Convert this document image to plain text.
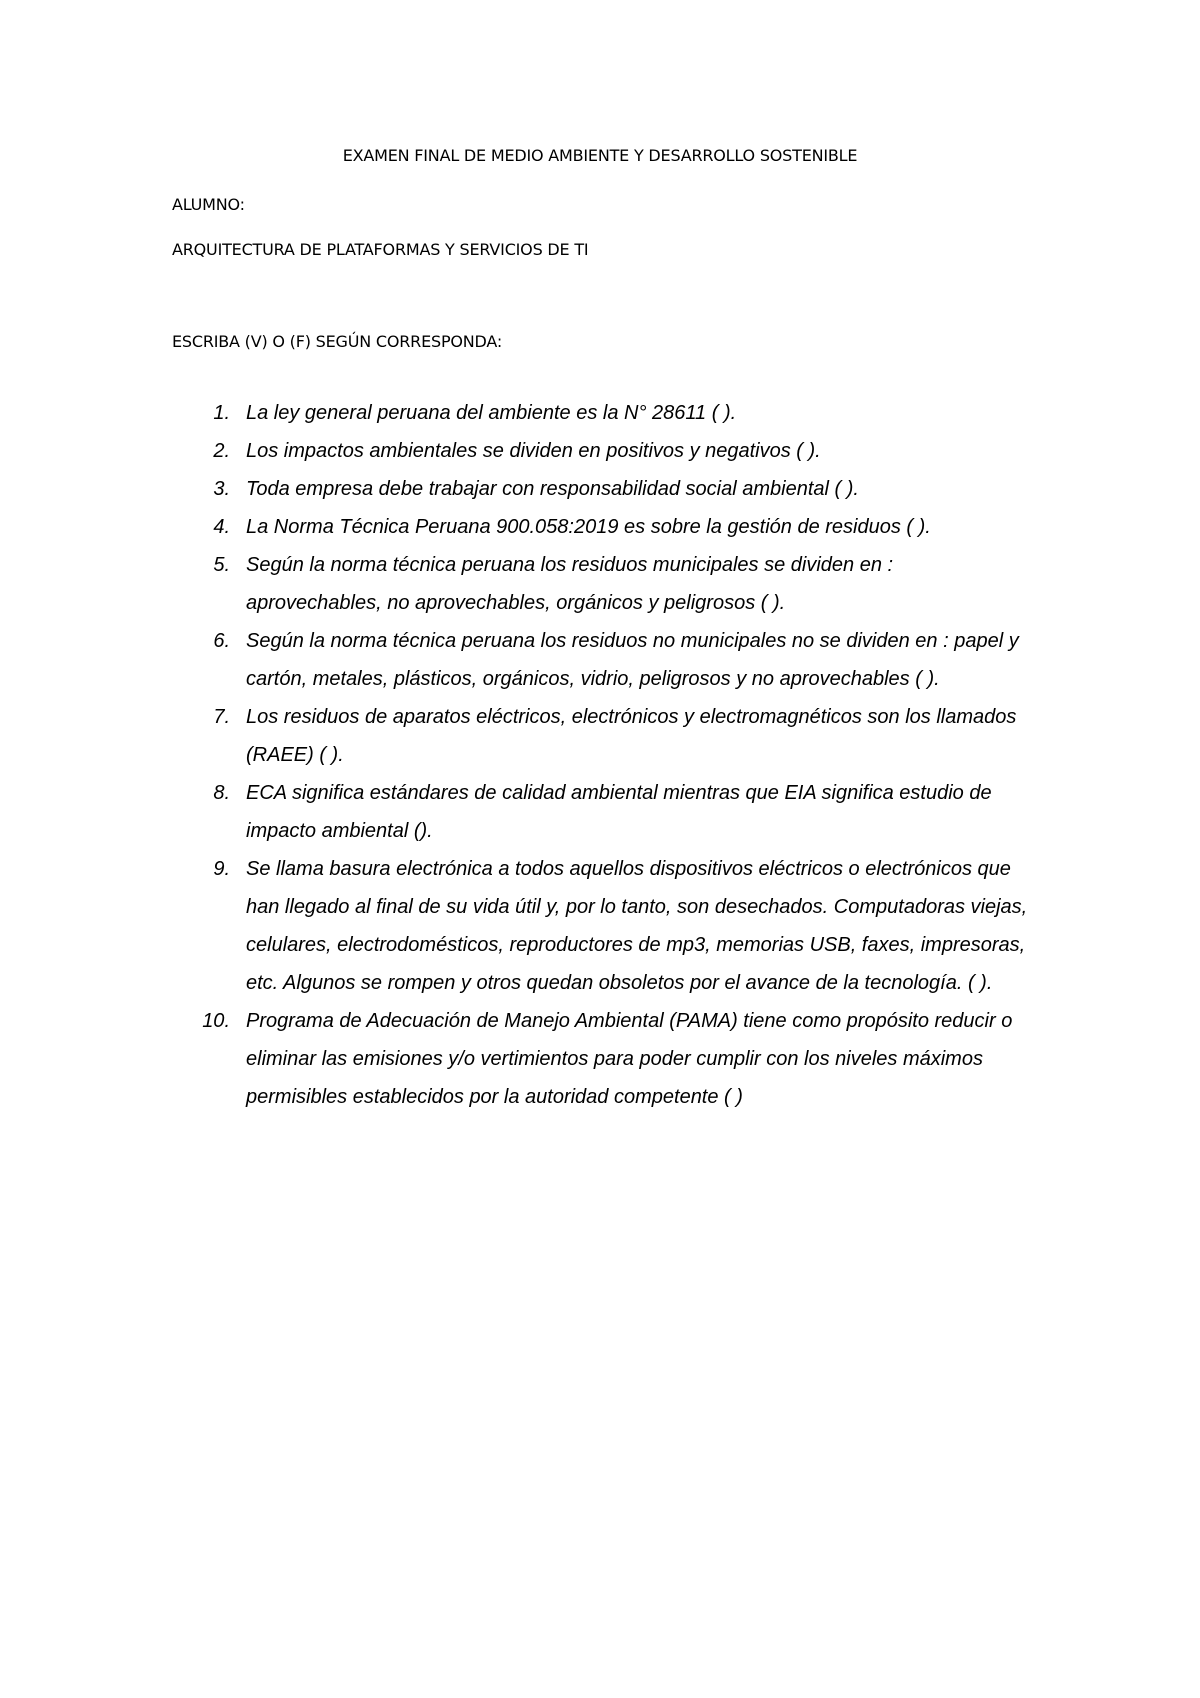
EXAMEN FINAL DE MEDIO AMBIENTE Y DESARROLLO SOSTENIBLE
ALUMNO:
ARQUITECTURA DE PLATAFORMAS Y SERVICIOS DE TI
ESCRIBA (V) O (F) SEGÚN CORRESPONDA:
1 . La ley general peruana del ambiente es la N° 28611 ( ).
2 . Los impactos ambientales se dividen en positivos y negativos ( ).
3 . Toda empresa debe trabajar con responsabilidad social ambiental ( ).
4 . La Norma Técnica Peruana 900.058:2019 es sobre la gestión de residuos ( ).
5 . Según la norma técnica peruana los residuos municipales se dividen en : aprovechables, no aprovechables, orgánicos y peligrosos ( ).
6 . Según la norma técnica peruana los residuos no municipales no se dividen en : papel y cartón, metales, plásticos, orgánicos, vidrio, peligrosos y no aprovechables ( ).
7 . Los residuos de aparatos eléctricos, electrónicos y electromagnéticos son los llamados (RAEE) ( ).
8 . ECA significa estándares de calidad ambiental mientras que EIA significa estudio de impacto ambiental ().
9 . Se llama basura electrónica a todos aquellos dispositivos eléctricos o electrónicos que han llegado al final de su vida útil y, por lo tanto, son desechados. Computadoras viejas, celulares, electrodomésticos, reproductores de mp3, memorias USB, faxes, impresoras, etc. Algunos se rompen y otros quedan obsoletos por el avance de la tecnología. ( ).
10 . Programa de Adecuación de Manejo Ambiental (PAMA) tiene como propósito reducir o eliminar las emisiones y/o vertimientos para poder cumplir con los niveles máximos permisibles establecidos por la autoridad competente ( )
